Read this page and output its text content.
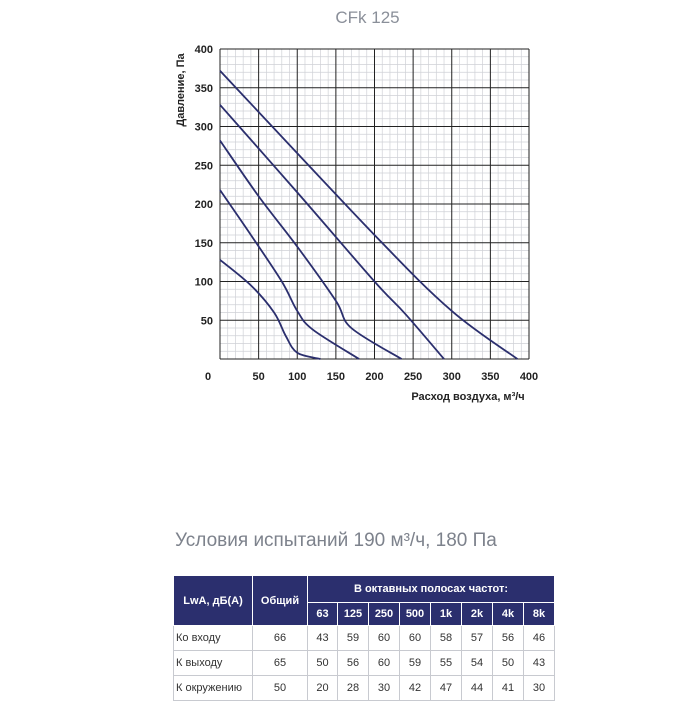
CFk 125
0	50 100 150 200 250 300 350 400
50
100
150
200
250
300
350
400
Давление, Па
Расход воздуха, м³/ч
Условия испытаний 190 м³/ч, 180 Па
LwA, дБ(A)	Общий	В октавных полосах частот:							
		63	125	250	500	1k	2k	4k	8k
Ко входу	66	43	59	60	60	58	57	56	46
К выходу	65	50	56	60	59	55	54	50	43
К окружению	50	20	28	30	42	47	44	41	30
